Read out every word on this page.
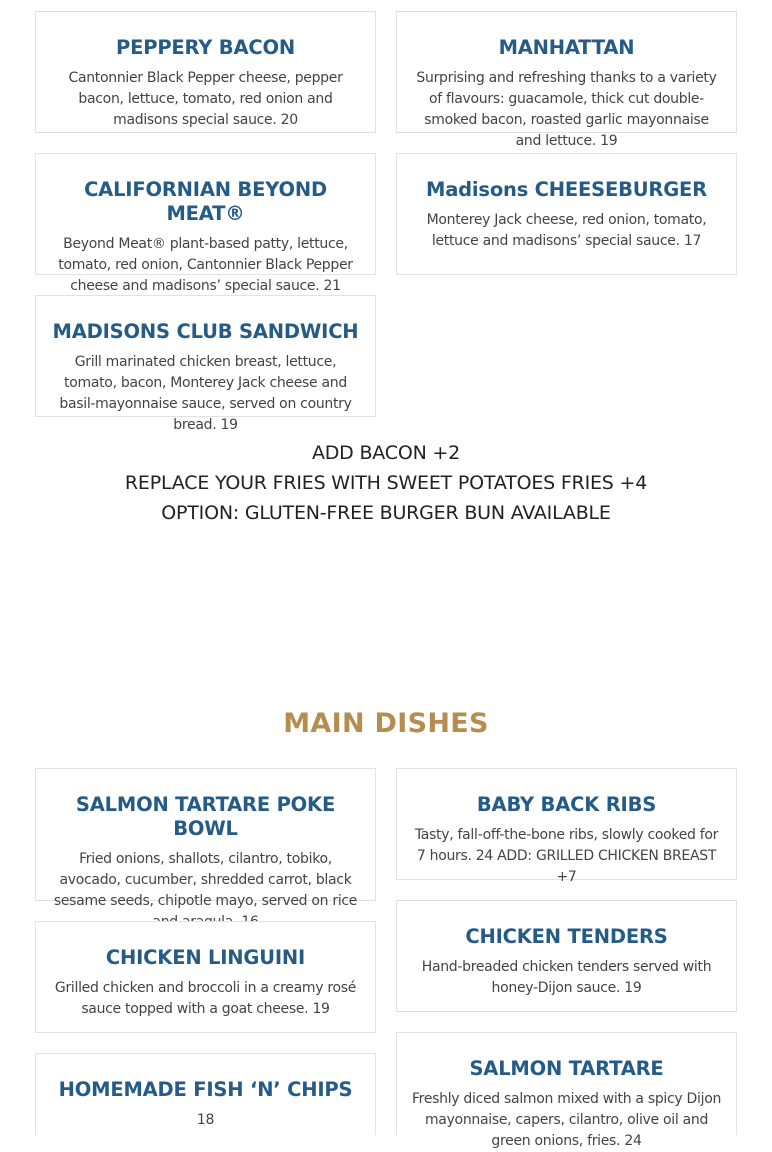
PEPPERY BACON

Cantonnier Black Pepper cheese, pepper bacon, lettuce, tomato, red onion and madisons special sauce. 20

MANHATTAN

Surprising and refreshing thanks to a variety of flavours: guacamole, thick cut double-smoked bacon, roasted garlic mayonnaise and lettuce. 19

CALIFORNIAN BEYOND MEAT®

Beyond Meat® plant-based patty, lettuce, tomato, red onion, Cantonnier Black Pepper cheese and madisons’ special sauce. 21

Madisons CHEESEBURGER

Monterey Jack cheese, red onion, tomato, lettuce and madisons’ special sauce. 17

MADISONS CLUB SANDWICH

Grill marinated chicken breast, lettuce, tomato, bacon, Monterey Jack cheese and basil-mayonnaise sauce, served on country bread. 19

ADD BACON +2
REPLACE YOUR FRIES WITH SWEET POTATOES FRIES +4
OPTION: GLUTEN-FREE BURGER BUN AVAILABLE
MAIN DISHES
SALMON TARTARE POKE BOWL

Fried onions, shallots, cilantro, tobiko, avocado, cucumber, shredded carrot, black sesame seeds, chipotle mayo, served on rice

BABY BACK RIBS

Tasty, fall-off-the-bone ribs, slowly cooked for 7 hours. 24 ADD: GRILLED CHICKEN BREAST +7

CHICKEN TENDERS

Hand-breaded chicken tenders served with honey-Dijon sauce. 19

CHICKEN LINGUINI

Grilled chicken and broccoli in a creamy rosé sauce topped with a goat cheese. 19

HOMEMADE FISH ‘N’ CHIPS

18

SALMON TARTARE

Freshly diced salmon mixed with a spicy Dijon mayonnaise, capers, cilantro, olive oil and green onions, fries. 24
